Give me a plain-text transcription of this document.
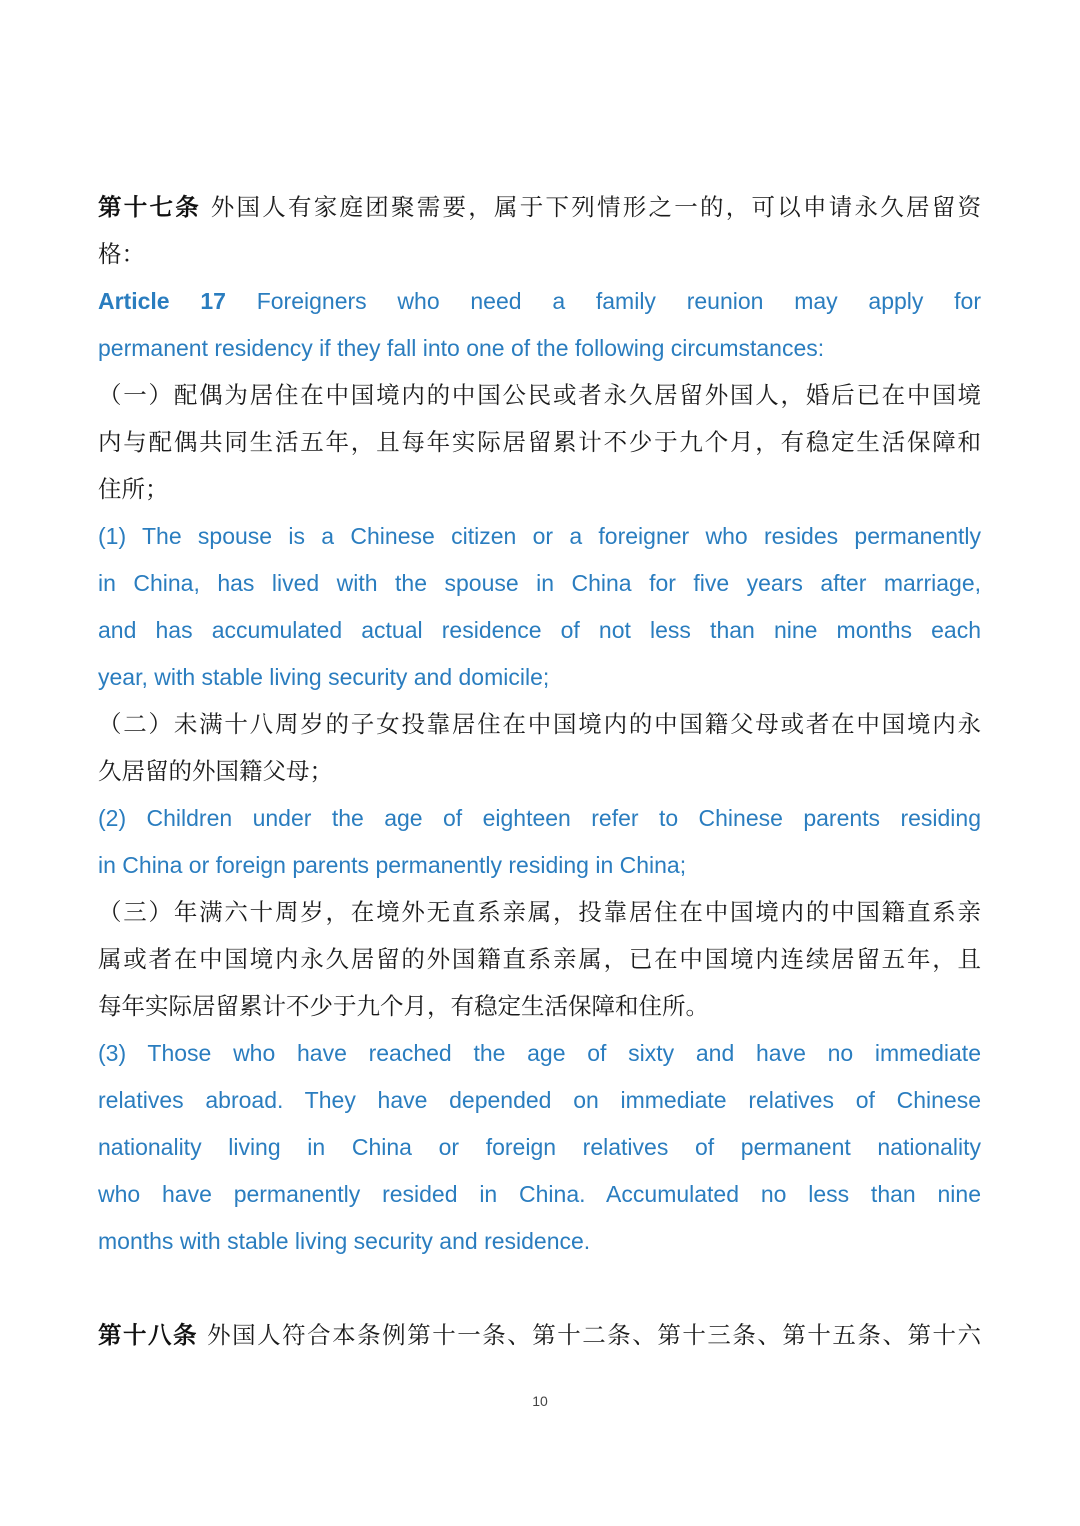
第十七条 外国人有家庭团聚需要，属于下列情形之一的，可以申请永久居留资
格：
Article 17 Foreigners who need a family reunion may apply for
permanent residency if they fall into one of the following circumstances:
（一）配偶为居住在中国境内的中国公民或者永久居留外国人，婚后已在中国境
内与配偶共同生活五年，且每年实际居留累计不少于九个月，有稳定生活保障和
住所；
(1) The spouse is a Chinese citizen or a foreigner who resides permanently
in China, has lived with the spouse in China for five years after marriage,
and has accumulated actual residence of not less than nine months each
year, with stable living security and domicile;
（二）未满十八周岁的子女投靠居住在中国境内的中国籍父母或者在中国境内永
久居留的外国籍父母；
(2) Children under the age of eighteen refer to Chinese parents residing
in China or foreign parents permanently residing in China;
（三）年满六十周岁，在境外无直系亲属，投靠居住在中国境内的中国籍直系亲
属或者在中国境内永久居留的外国籍直系亲属，已在中国境内连续居留五年，且
每年实际居留累计不少于九个月，有稳定生活保障和住所。
(3) Those who have reached the age of sixty and have no immediate
relatives abroad. They have depended on immediate relatives of Chinese
nationality living in China or foreign relatives of permanent nationality
who have permanently resided in China. Accumulated no less than nine
months with stable living security and residence.
第十八条 外国人符合本条例第十一条、第十二条、第十三条、第十五条、第十六
10
